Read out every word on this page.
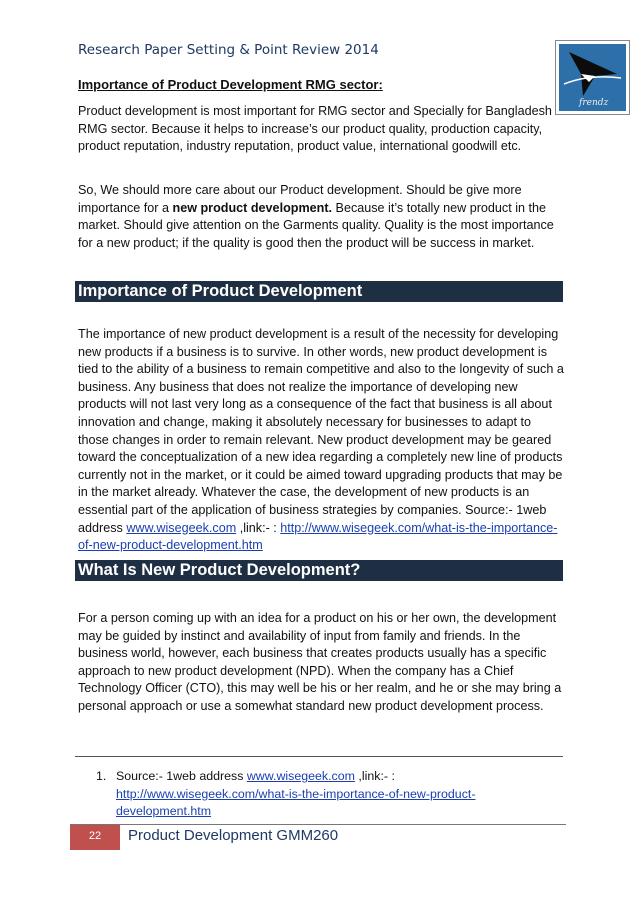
Research Paper Setting & Point Review 2014
frendz
Importance of Product Development RMG sector:

Product development is most important for RMG sector and Specially for Bangladesh RMG sector. Because it helps to increase’s our product quality, production capacity, product reputation, industry reputation, product value, international goodwill etc.

So, We should more care about our Product development. Should be give more importance for a new product development. Because it’s totally new product in the market. Should give attention on the Garments quality. Quality is the most importance for a new product; if the quality is good then the product will be success in market.

Importance of Product Development

The importance of new product development is a result of the necessity for developing new products if a business is to survive. In other words, new product development is tied to the ability of a business to remain competitive and also to the longevity of such a business. Any business that does not realize the importance of developing new products will not last very long as a consequence of the fact that business is all about innovation and change, making it absolutely necessary for businesses to adapt to those changes in order to remain relevant. New product development may be geared toward the conceptualization of a new idea regarding a completely new line of products currently not in the market, or it could be aimed toward upgrading products that may be in the market already. Whatever the case, the development of new products is an essential part of the application of business strategies by companies. Source:- 1web address www.wisegeek.com ,link:- : http://www.wisegeek.com/what-is-the-importance-of-new-product-development.htm

What Is New Product Development?

For a person coming up with an idea for a product on his or her own, the development may be guided by instinct and availability of input from family and friends. In the business world, however, each business that creates products usually has a specific approach to new product development (NPD). When the company has a Chief Technology Officer (CTO), this may well be his or her realm, and he or she may bring a personal approach or use a somewhat standard new product development process.

1. Source:- 1web address www.wisegeek.com ,link:- :
http://www.wisegeek.com/what-is-the-importance-of-new-product-development.htm
22	Product Development GMM260
